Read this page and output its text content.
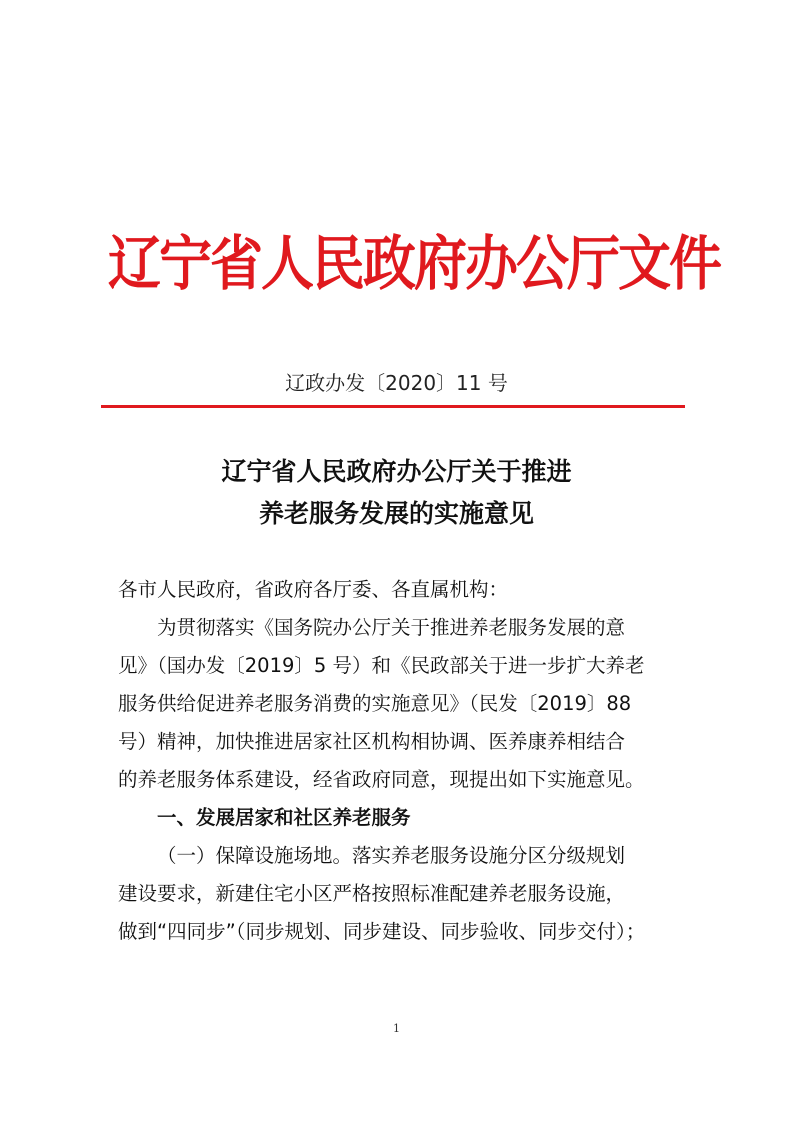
辽宁省人民政府办公厅文件
辽政办发〔2020〕11 号
辽宁省人民政府办公厅关于推进
养老服务发展的实施意见
各市人民政府，省政府各厅委、各直属机构：
为贯彻落实《国务院办公厅关于推进养老服务发展的意
见》（国办发〔2019〕5 号）和《民政部关于进一步扩大养老
服务供给促进养老服务消费的实施意见》（民发〔2019〕88
号）精神，加快推进居家社区机构相协调、医养康养相结合
的养老服务体系建设，经省政府同意，现提出如下实施意见。
一、发展居家和社区养老服务
（一）保障设施场地。落实养老服务设施分区分级规划
建设要求，新建住宅小区严格按照标准配建养老服务设施，
做到“四同步”（同步规划、同步建设、同步验收、同步交付）；
1
